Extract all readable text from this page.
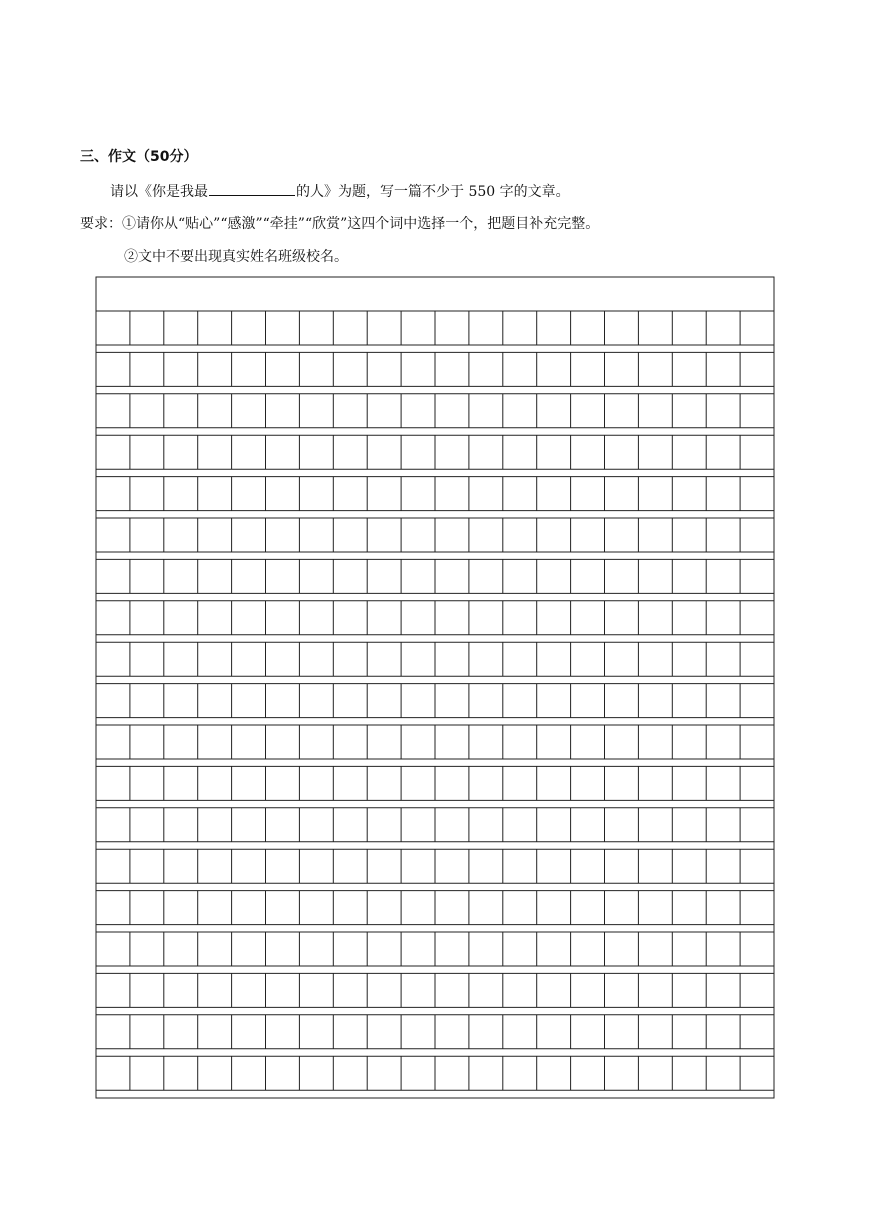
三、作文（50分）
请以《你是我最	的人》为题，写一篇不少于 550 字的文章。
要求：①请你从“贴心”“感激”“牵挂”“欣赏”这四个词中选择一个，把题目补充完整。
②文中不要出现真实姓名班级校名。
